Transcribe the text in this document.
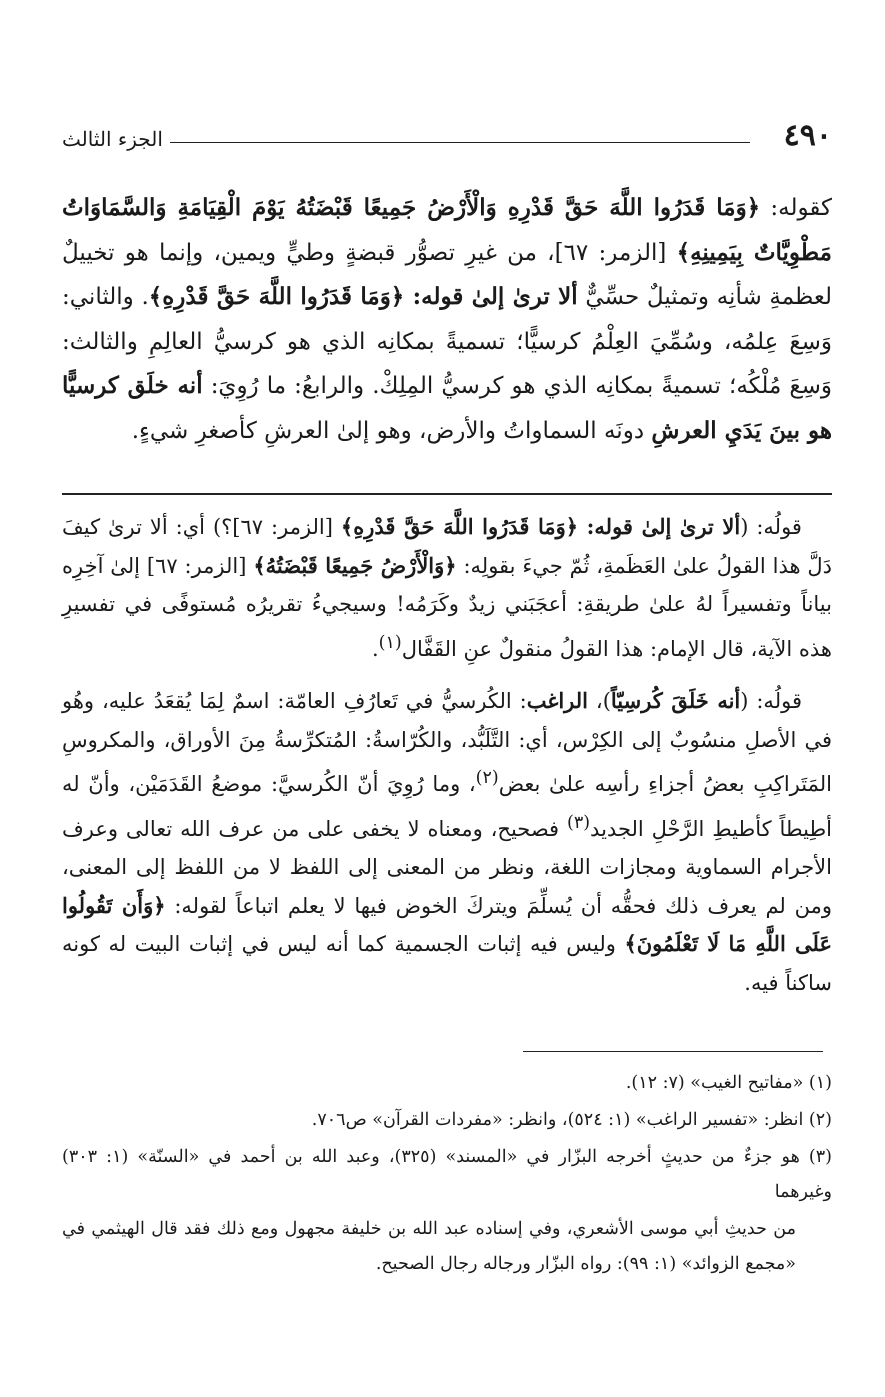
٤٩٠
الجزء الثالث

كقوله: ﴿وَمَا قَدَرُوا اللَّهَ حَقَّ قَدْرِهِ وَالْأَرْضُ جَمِيعًا قَبْضَتُهُ يَوْمَ الْقِيَامَةِ وَالسَّمَاوَاتُ مَطْوِيَّاتٌ بِيَمِينِهِ﴾ [الزمر: ٦٧]، من غيرِ تصوُّر قبضةٍ وطيٍّ ويمين، وإنما هو تخييلٌ لعظمةِ شأنِه وتمثيلٌ حسِّيٌّ ألا ترىٰ إلىٰ قوله: ﴿وَمَا قَدَرُوا اللَّهَ حَقَّ قَدْرِهِ﴾. والثاني: وَسِعَ عِلمُه، وسُمِّيَ العِلْمُ كرسيًّا؛ تسميةً بمكانِه الذي هو كرسيُّ العالِمِ والثالث: وَسِعَ مُلْكُه؛ تسميةً بمكانِه الذي هو كرسيُّ المِلِكْ. والرابعُ: ما رُوِيَ: أنه خلَق كرسيًّا هو بينَ يَدَيِ العرشِ دونَه السماواتُ والأرض، وهو إلىٰ العرشِ كأصغرِ شيءٍ.

قولُه: (ألا ترىٰ إلىٰ قوله: ﴿وَمَا قَدَرُوا اللَّهَ حَقَّ قَدْرِهِ﴾ [الزمر: ٦٧]؟) أي: ألا ترىٰ كيفَ دَلَّ هذا القولُ علىٰ العَظَمةِ، ثُمّ جيءَ بقولِه: ﴿وَالْأَرْضُ جَمِيعًا قَبْضَتُهُ﴾ [الزمر: ٦٧] إلىٰ آخِرِه بياناً وتفسيراً لهُ علىٰ طريقةِ: أعجَبَني زيدٌ وكَرَمُه! وسيجيءُ تقريرُه مُستوفًى في تفسيرِ هذه الآية، قال الإمام: هذا القولُ منقولٌ عنِ القَفَّال$^{(١)}$.

قولُه: (أنه خَلَقَ كُرسِيّاً)، الراغب: الكُرسيُّ في تَعارُفِ العامّة: اسمٌ لِمَا يُقعَدُ عليه، وهُو في الأصلِ منسُوبٌ إلى الكِرْس، أي: التَّلَبُّد، والكُرّاسةُ: المُتكرِّسةُ مِنَ الأوراق، والمكروسِ المَتَراكِبِ بعضُ أجزاءِ رأسِه علىٰ بعض$^{(٢)}$، وما رُوِيَ أنّ الكُرسيَّ: موضعُ القَدَمَيْن، وأنّ له أطِيطاً كأطيطِ الرَّحْلِ الجديد$^{(٣)}$ فصحيح، ومعناه لا يخفى على من عرف الله تعالى وعرف الأجرام السماوية ومجازات اللغة، ونظر من المعنى إلى اللفظ لا من اللفظ إلى المعنى، ومن لم يعرف ذلك فحقُّه أن يُسلِّمَ ويتركَ الخوض فيها لا يعلم اتباعاً لقوله: ﴿وَأَن تَقُولُوا عَلَى اللَّهِ مَا لَا تَعْلَمُونَ﴾ وليس فيه إثبات الجسمية كما أنه ليس في إثبات البيت له كونه ساكناً فيه.

(١) «مفاتيح الغيب» (٧: ١٢).
(٢) انظر: «تفسير الراغب» (١: ٥٢٤)، وانظر: «مفردات القرآن» ص٧٠٦.
(٣) هو جزءٌ من حديثٍ أخرجه البزّار في «المسند» (٣٢٥)، وعبد الله بن أحمد في «السنّة» (١: ٣٠٣) وغيرهما
من حديثِ أبي موسى الأشعري، وفي إسناده عبد الله بن خليفة مجهول ومع ذلك فقد قال الهيثمي في «مجمع الزوائد» (١: ٩٩): رواه البزّار ورجاله رجال الصحيح.
